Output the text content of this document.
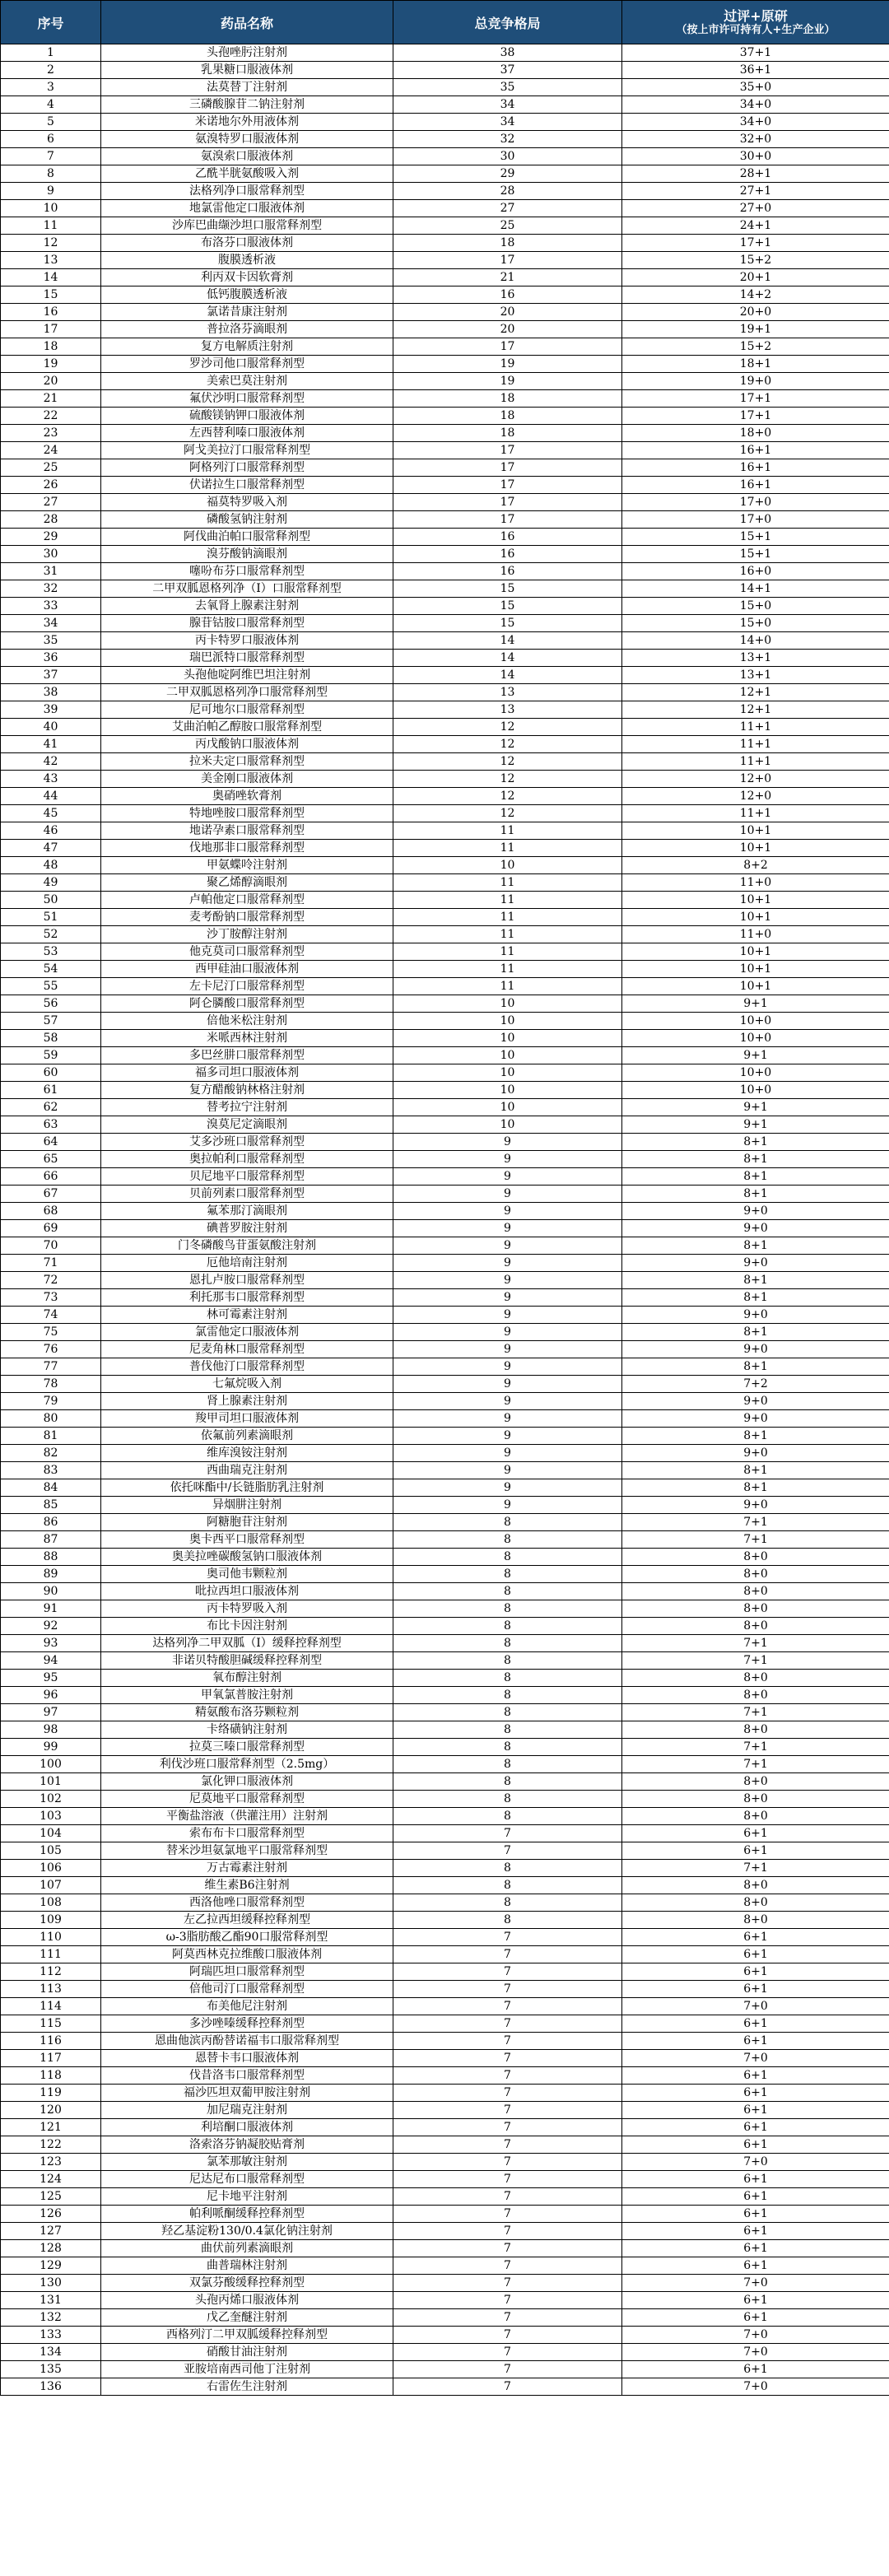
序号	药品名称	总竞争格局	过评+原研
（按上市许可持有人+生产企业）

1	头孢唑肟注射剂	38	37+1
2	乳果糖口服液体剂	37	36+1
3	法莫替丁注射剂	35	35+0
4	三磷酸腺苷二钠注射剂	34	34+0
5	米诺地尔外用液体剂	34	34+0
6	氨溴特罗口服液体剂	32	32+0
7	氨溴索口服液体剂	30	30+0
8	乙酰半胱氨酸吸入剂	29	28+1
9	法格列净口服常释剂型	28	27+1
10	地氯雷他定口服液体剂	27	27+0
11	沙库巴曲缬沙坦口服常释剂型	25	24+1
12	布洛芬口服液体剂	18	17+1
13	腹膜透析液	17	15+2
14	利丙双卡因软膏剂	21	20+1
15	低钙腹膜透析液	16	14+2
16	氯诺昔康注射剂	20	20+0
17	普拉洛芬滴眼剂	20	19+1
18	复方电解质注射剂	17	15+2
19	罗沙司他口服常释剂型	19	18+1
20	美索巴莫注射剂	19	19+0
21	氟伏沙明口服常释剂型	18	17+1
22	硫酸镁钠钾口服液体剂	18	17+1
23	左西替利嗪口服液体剂	18	18+0
24	阿戈美拉汀口服常释剂型	17	16+1
25	阿格列汀口服常释剂型	17	16+1
26	伏诺拉生口服常释剂型	17	16+1
27	福莫特罗吸入剂	17	17+0
28	磷酸氢钠注射剂	17	17+0
29	阿伐曲泊帕口服常释剂型	16	15+1
30	溴芬酸钠滴眼剂	16	15+1
31	噻吩布芬口服常释剂型	16	16+0
32	二甲双胍恩格列净（I）口服常释剂型	15	14+1
33	去氧肾上腺素注射剂	15	15+0
34	腺苷钴胺口服常释剂型	15	15+0
35	丙卡特罗口服液体剂	14	14+0
36	瑞巴派特口服常释剂型	14	13+1
37	头孢他啶阿维巴坦注射剂	14	13+1
38	二甲双胍恩格列净口服常释剂型	13	12+1
39	尼可地尔口服常释剂型	13	12+1
40	艾曲泊帕乙醇胺口服常释剂型	12	11+1
41	丙戊酸钠口服液体剂	12	11+1
42	拉米夫定口服常释剂型	12	11+1
43	美金刚口服液体剂	12	12+0
44	奥硝唑软膏剂	12	12+0
45	特地唑胺口服常释剂型	12	11+1
46	地诺孕素口服常释剂型	11	10+1
47	伐地那非口服常释剂型	11	10+1
48	甲氨蝶呤注射剂	10	8+2
49	聚乙烯醇滴眼剂	11	11+0
50	卢帕他定口服常释剂型	11	10+1
51	麦考酚钠口服常释剂型	11	10+1
52	沙丁胺醇注射剂	11	11+0
53	他克莫司口服常释剂型	11	10+1
54	西甲硅油口服液体剂	11	10+1
55	左卡尼汀口服常释剂型	11	10+1
56	阿仑膦酸口服常释剂型	10	9+1
57	倍他米松注射剂	10	10+0
58	米哌西林注射剂	10	10+0
59	多巴丝肼口服常释剂型	10	9+1
60	福多司坦口服液体剂	10	10+0
61	复方醋酸钠林格注射剂	10	10+0
62	替考拉宁注射剂	10	9+1
63	溴莫尼定滴眼剂	10	9+1
64	艾多沙班口服常释剂型	9	8+1
65	奥拉帕利口服常释剂型	9	8+1
66	贝尼地平口服常释剂型	9	8+1
67	贝前列素口服常释剂型	9	8+1
68	氟苯那汀滴眼剂	9	9+0
69	碘普罗胺注射剂	9	9+0
70	门冬磷酸鸟苷蛋氨酸注射剂	9	8+1
71	厄他培南注射剂	9	9+0
72	恩扎卢胺口服常释剂型	9	8+1
73	利托那韦口服常释剂型	9	8+1
74	林可霉素注射剂	9	9+0
75	氯雷他定口服液体剂	9	8+1
76	尼麦角林口服常释剂型	9	9+0
77	普伐他汀口服常释剂型	9	8+1
78	七氟烷吸入剂	9	7+2
79	肾上腺素注射剂	9	9+0
80	羧甲司坦口服液体剂	9	9+0
81	依氟前列素滴眼剂	9	8+1
82	维库溴铵注射剂	9	9+0
83	西曲瑞克注射剂	9	8+1
84	依托咪酯中/长链脂肪乳注射剂	9	8+1
85	异烟肼注射剂	9	9+0
86	阿糖胞苷注射剂	8	7+1
87	奥卡西平口服常释剂型	8	7+1
88	奥美拉唑碳酸氢钠口服液体剂	8	8+0
89	奥司他韦颗粒剂	8	8+0
90	吡拉西坦口服液体剂	8	8+0
91	丙卡特罗吸入剂	8	8+0
92	布比卡因注射剂	8	8+0
93	达格列净二甲双胍（I）缓释控释剂型	8	7+1
94	非诺贝特酸胆碱缓释控释剂型	8	7+1
95	氧布醇注射剂	8	8+0
96	甲氧氯普胺注射剂	8	8+0
97	精氨酸布洛芬颗粒剂	8	7+1
98	卡络磺钠注射剂	8	8+0
99	拉莫三嗪口服常释剂型	8	7+1
100	利伐沙班口服常释剂型（2.5mg）	8	7+1
101	氯化钾口服液体剂	8	8+0
102	尼莫地平口服常释剂型	8	8+0
103	平衡盐溶液（供灌注用）注射剂	8	8+0
104	索布布卡口服常释剂型	7	6+1
105	替米沙坦氨氯地平口服常释剂型	7	6+1
106	万古霉素注射剂	8	7+1
107	维生素B6注射剂	8	8+0
108	西洛他唑口服常释剂型	8	8+0
109	左乙拉西坦缓释控释剂型	8	8+0
110	ω-3脂肪酸乙酯90口服常释剂型	7	6+1
111	阿莫西林克拉维酸口服液体剂	7	6+1
112	阿瑞匹坦口服常释剂型	7	6+1
113	倍他司汀口服常释剂型	7	6+1
114	布美他尼注射剂	7	7+0
115	多沙唑嗪缓释控释剂型	7	6+1
116	恩曲他滨丙酚替诺福韦口服常释剂型	7	6+1
117	恩替卡韦口服液体剂	7	7+0
118	伐昔洛韦口服常释剂型	7	6+1
119	福沙匹坦双葡甲胺注射剂	7	6+1
120	加尼瑞克注射剂	7	6+1
121	利培酮口服液体剂	7	6+1
122	洛索洛芬钠凝胶贴膏剂	7	6+1
123	氯苯那敏注射剂	7	7+0
124	尼达尼布口服常释剂型	7	6+1
125	尼卡地平注射剂	7	6+1
126	帕利哌酮缓释控释剂型	7	6+1
127	羟乙基淀粉130/0.4氯化钠注射剂	7	6+1
128	曲伏前列素滴眼剂	7	6+1
129	曲普瑞林注射剂	7	6+1
130	双氯芬酸缓释控释剂型	7	7+0
131	头孢丙烯口服液体剂	7	6+1
132	戊乙奎醚注射剂	7	6+1
133	西格列汀二甲双胍缓释控释剂型	7	7+0
134	硝酸甘油注射剂	7	7+0
135	亚胺培南西司他丁注射剂	7	6+1
136	右雷佐生注射剂	7	7+0
